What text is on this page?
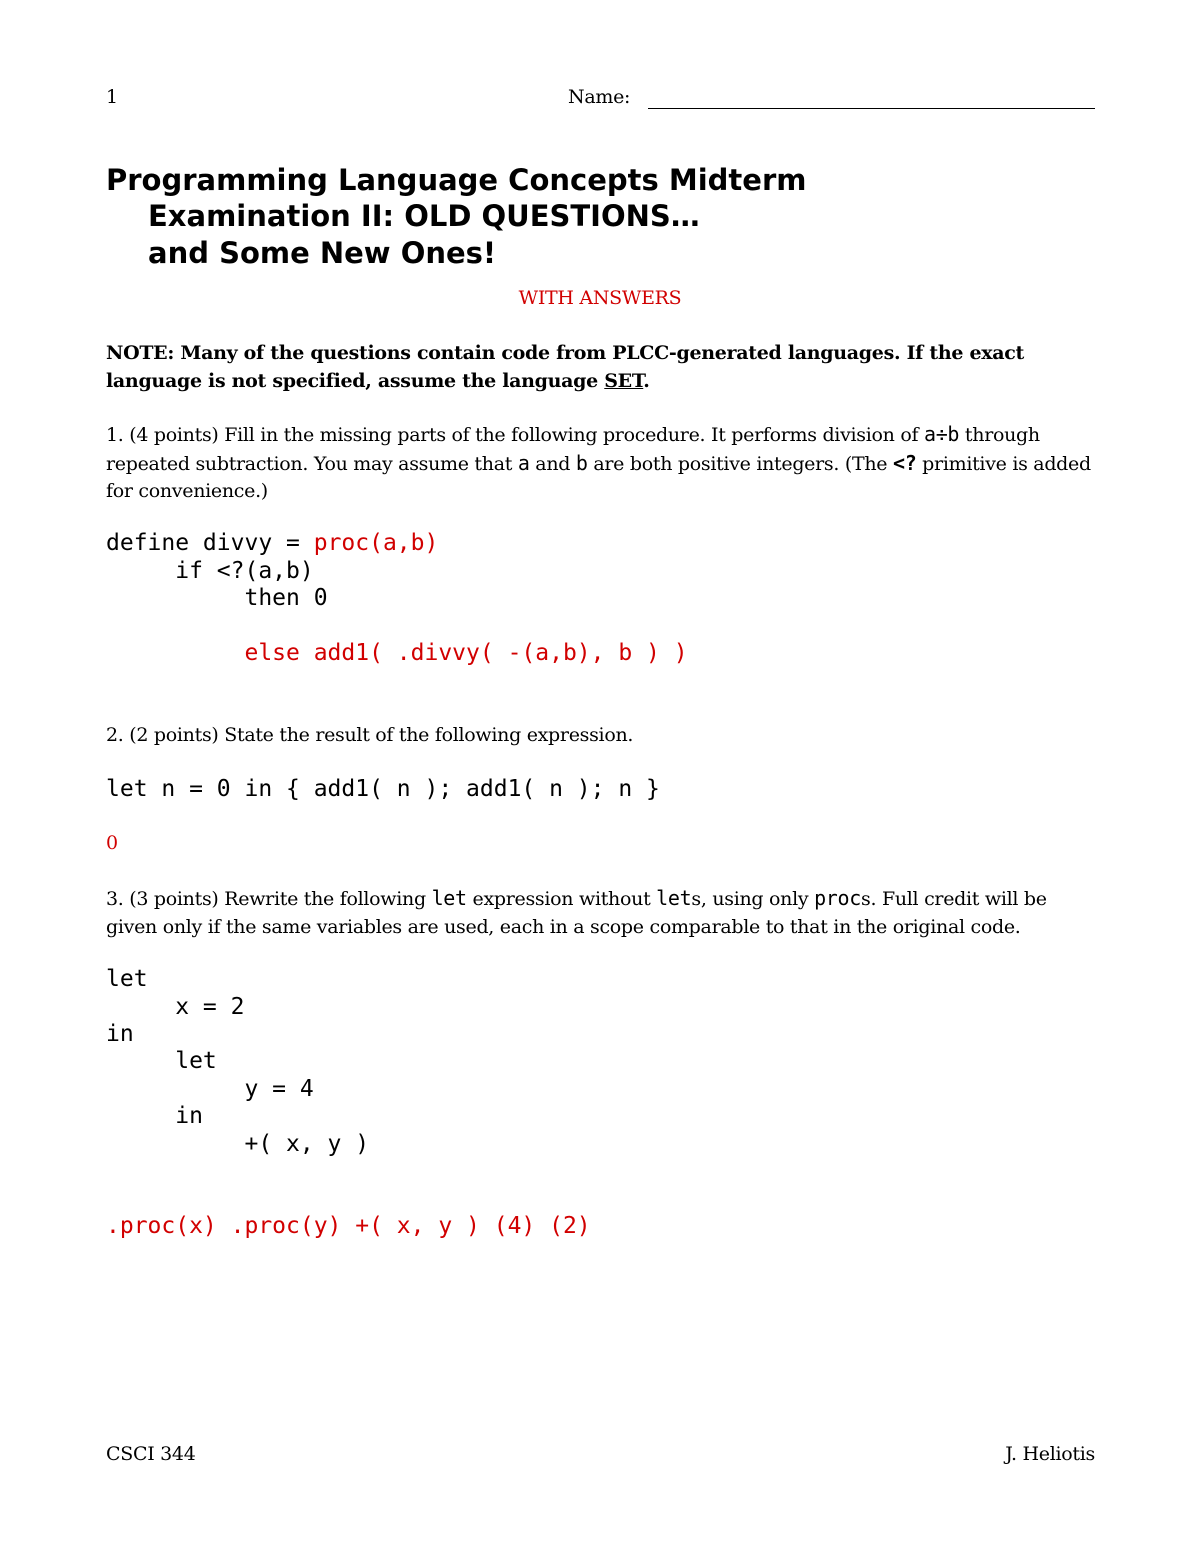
1	Name:
Programming Language Concepts Midterm
Examination II: OLD QUESTIONS…
and Some New Ones!
WITH ANSWERS
NOTE: Many of the questions contain code from PLCC-generated languages. If the exact language is not specified, assume the language SET.
1. (4 points) Fill in the missing parts of the following procedure. It performs division of a÷b through repeated subtraction. You may assume that a and b are both positive integers. (The <? primitive is added for convenience.)
define divvy = proc(a,b)
if <?(a,b)
then 0
else add1( .divvy( -(a,b), b ) )
2. (2 points) State the result of the following expression.
let n = 0 in { add1( n ); add1( n ); n }
0
3. (3 points) Rewrite the following let expression without lets, using only procs. Full credit will be given only if the same variables are used, each in a scope comparable to that in the original code.
let
x = 2
in
let
y = 4
in
+( x, y )
.proc(x) .proc(y) +( x, y ) (4) (2)
CSCI 344	J. Heliotis
